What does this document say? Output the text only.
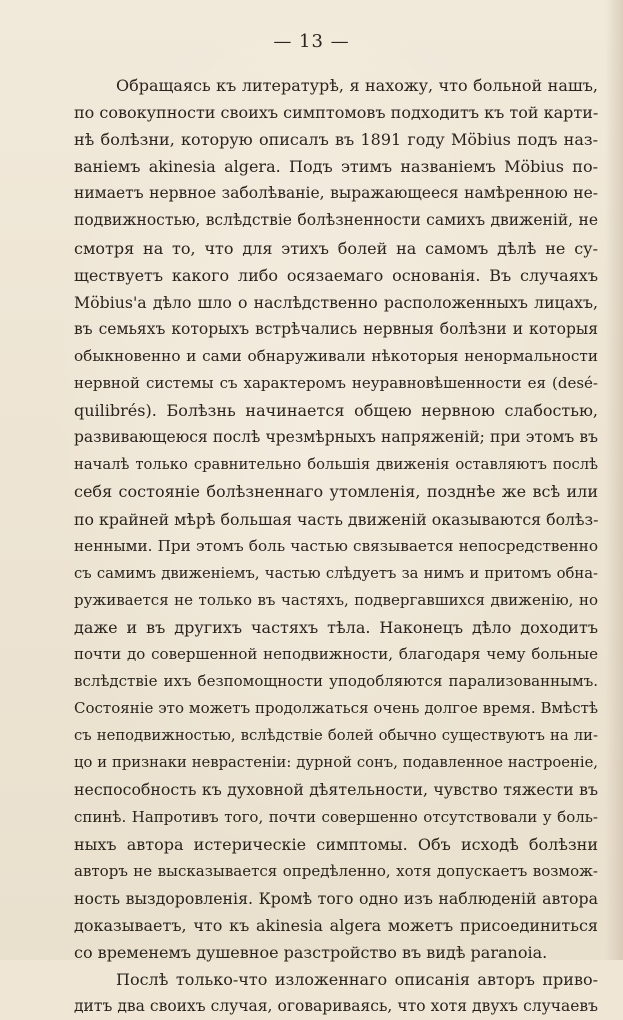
— 13 —
Обращаясь къ литературѣ, я нахожу, что больной нашъ,
по совокупности своихъ симптомовъ подходитъ къ той карти-
нѣ болѣзни, которую описалъ въ 1891 году Möbius подъ наз-
ванiемъ akinesia algera. Подъ этимъ названiемъ Möbius по-
нимаетъ нервное заболѣванiе, выражающееся намѣренною не-
подвижностью, вслѣдствiе болѣзненности самихъ движенiй, не
смотря на то, что для этихъ болей на самомъ дѣлѣ не су-
ществуетъ какого либо осязаемаго основанiя. Въ случаяхъ
Möbius'а дѣло шло о наслѣдственно расположенныхъ лицахъ,
въ семьяхъ которыхъ встрѣчались нервныя болѣзни и которыя
обыкновенно и сами обнаруживали нѣкоторыя ненормальности
нервной системы съ характеромъ неуравновѣшенности ея (desé-
quilibrés). Болѣзнь начинается общею нервною слабостью,
развивающеюся послѣ чрезмѣрныхъ напряженiй; при этомъ въ
началѣ только сравнительно большiя движенiя оставляютъ послѣ
себя состоянiе болѣзненнаго утомленiя, позднѣе же всѣ или
по крайней мѣрѣ большая часть движенiй оказываются болѣз-
ненными. При этомъ боль частью связывается непосредственно
съ самимъ движенiемъ, частью слѣдуетъ за нимъ и притомъ обна-
руживается не только въ частяхъ, подвергавшихся движенiю, но
даже и въ другихъ частяхъ тѣла. Наконецъ дѣло доходитъ
почти до совершенной неподвижности, благодаря чему больные
вслѣдствiе ихъ безпомощности уподобляются парализованнымъ.
Состоянiе это можетъ продолжаться очень долгое время. Вмѣстѣ
съ неподвижностью, вслѣдствiе болей обычно существуютъ на ли-
цо и признаки неврастенiи: дурной сонъ, подавленное настроенiе,
неспособность къ духовной дѣятельности, чувство тяжести въ
спинѣ. Напротивъ того, почти совершенно отсутствовали у боль-
ныхъ автора истерическiе симптомы. Объ исходѣ болѣзни
авторъ не высказывается опредѣленно, хотя допускаетъ возмож-
ность выздоровленiя. Кромѣ того одно изъ наблюденiй автора
доказываетъ, что къ akinesia algera можетъ присоединиться
со временемъ душевное разстройство въ видѣ paranoia.
Послѣ только-что изложеннаго описанiя авторъ приво-
дитъ два своихъ случая, оговариваясь, что хотя двухъ случаевъ
